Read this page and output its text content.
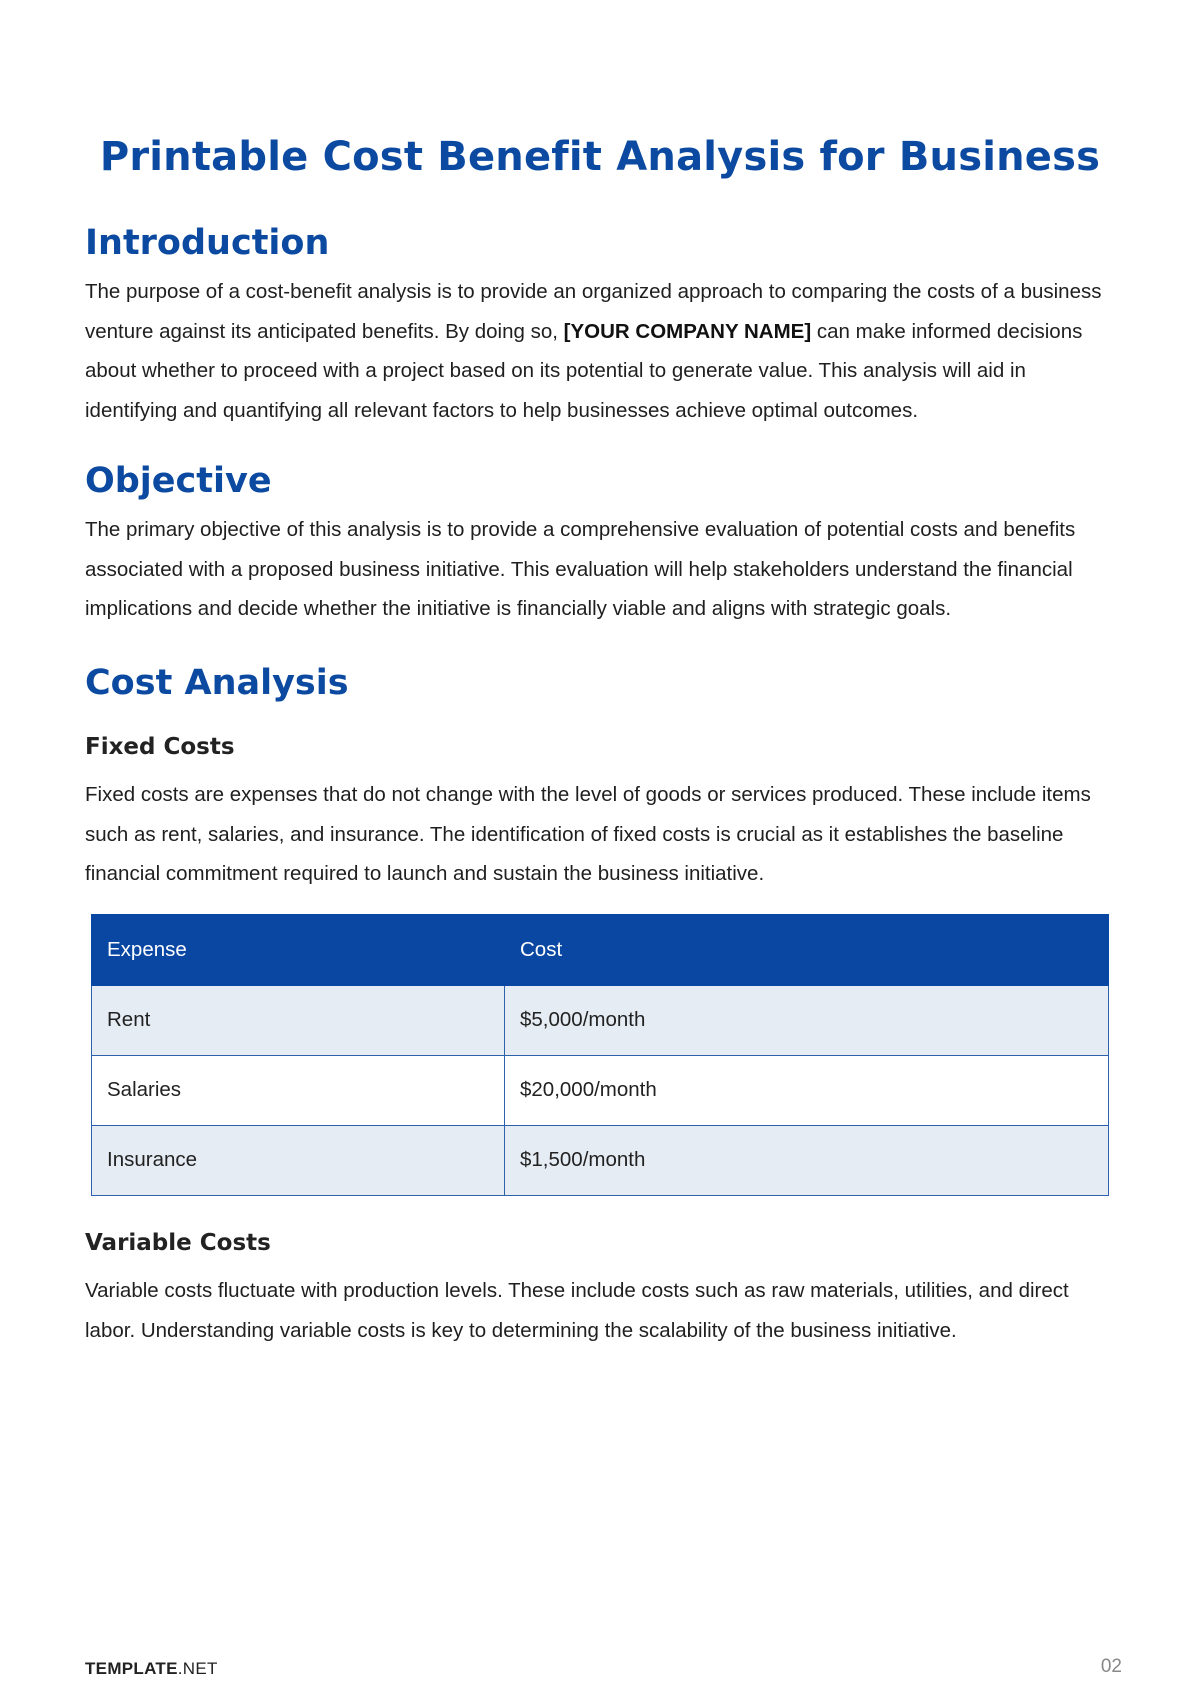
Printable Cost Benefit Analysis for Business
Introduction

The purpose of a cost-benefit analysis is to provide an organized approach to comparing the costs of a business venture against its anticipated benefits. By doing so, [YOUR COMPANY NAME] can make informed decisions about whether to proceed with a project based on its potential to generate value. This analysis will aid in identifying and quantifying all relevant factors to help businesses achieve optimal outcomes.

Objective

The primary objective of this analysis is to provide a comprehensive evaluation of potential costs and benefits associated with a proposed business initiative. This evaluation will help stakeholders understand the financial implications and decide whether the initiative is financially viable and aligns with strategic goals.

Cost Analysis
Fixed Costs

Fixed costs are expenses that do not change with the level of goods or services produced. These include items such as rent, salaries, and insurance. The identification of fixed costs is crucial as it establishes the baseline financial commitment required to launch and sustain the business initiative.

Expense	Cost
Rent	$5,000/month
Salaries	$20,000/month
Insurance	$1,500/month
Variable Costs

Variable costs fluctuate with production levels. These include costs such as raw materials, utilities, and direct labor. Understanding variable costs is key to determining the scalability of the business initiative.

TEMPLATE.NET	02
